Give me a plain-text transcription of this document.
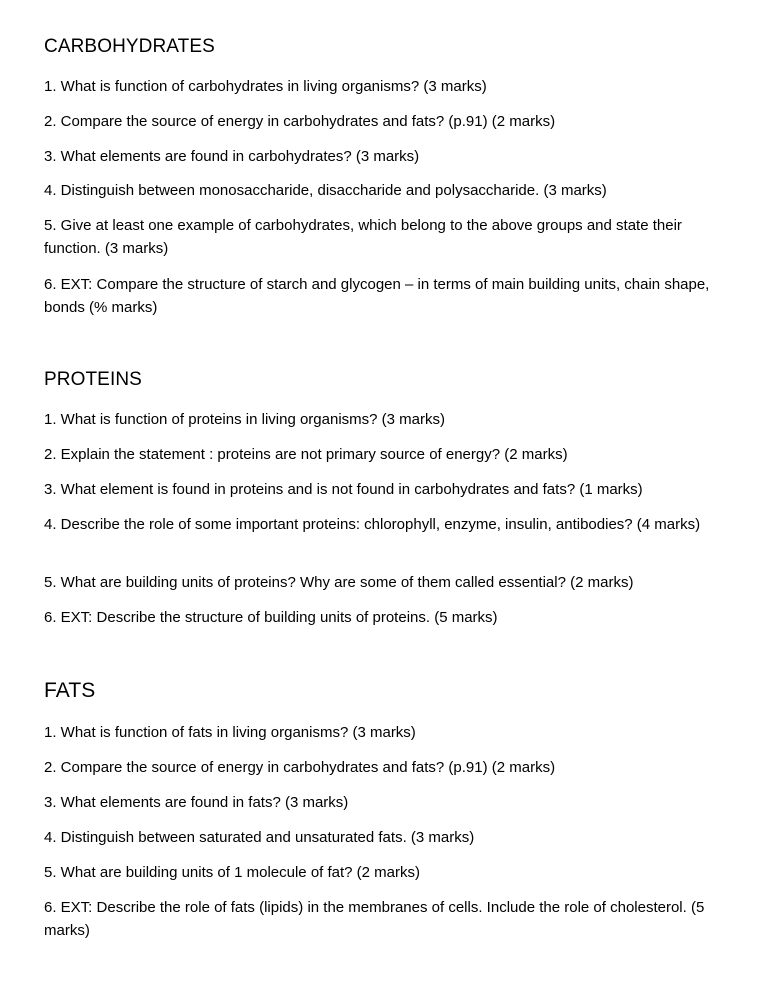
CARBOHYDRATES

1. What is function of carbohydrates in living organisms? (3 marks)

2. Compare the source of energy in carbohydrates and fats? (p.91) (2 marks)

3. What elements are found in carbohydrates? (3 marks)

4. Distinguish between monosaccharide, disaccharide and polysaccharide. (3 marks)

5. Give at least one example of carbohydrates, which belong to the above groups and state their function. (3 marks)

6. EXT: Compare the structure of starch and glycogen – in terms of main building units, chain shape, bonds (% marks)

PROTEINS

1. What is function of proteins in living organisms? (3 marks)

2. Explain the statement : proteins are not primary source of energy? (2 marks)

3. What element is found in proteins and is not found in carbohydrates and fats? (1 marks)

4. Describe the role of some important proteins: chlorophyll, enzyme, insulin, antibodies? (4 marks)

5. What are building units of proteins? Why are some of them called essential? (2 marks)

6. EXT: Describe the structure of building units of proteins. (5 marks)

FATS

1. What is function of fats in living organisms? (3 marks)

2. Compare the source of energy in carbohydrates and fats? (p.91) (2 marks)

3. What elements are found in fats? (3 marks)

4. Distinguish between saturated and unsaturated fats. (3 marks)

5. What are building units of 1 molecule of fat? (2 marks)

6. EXT: Describe the role of fats (lipids) in the membranes of cells. Include the role of cholesterol. (5 marks)
